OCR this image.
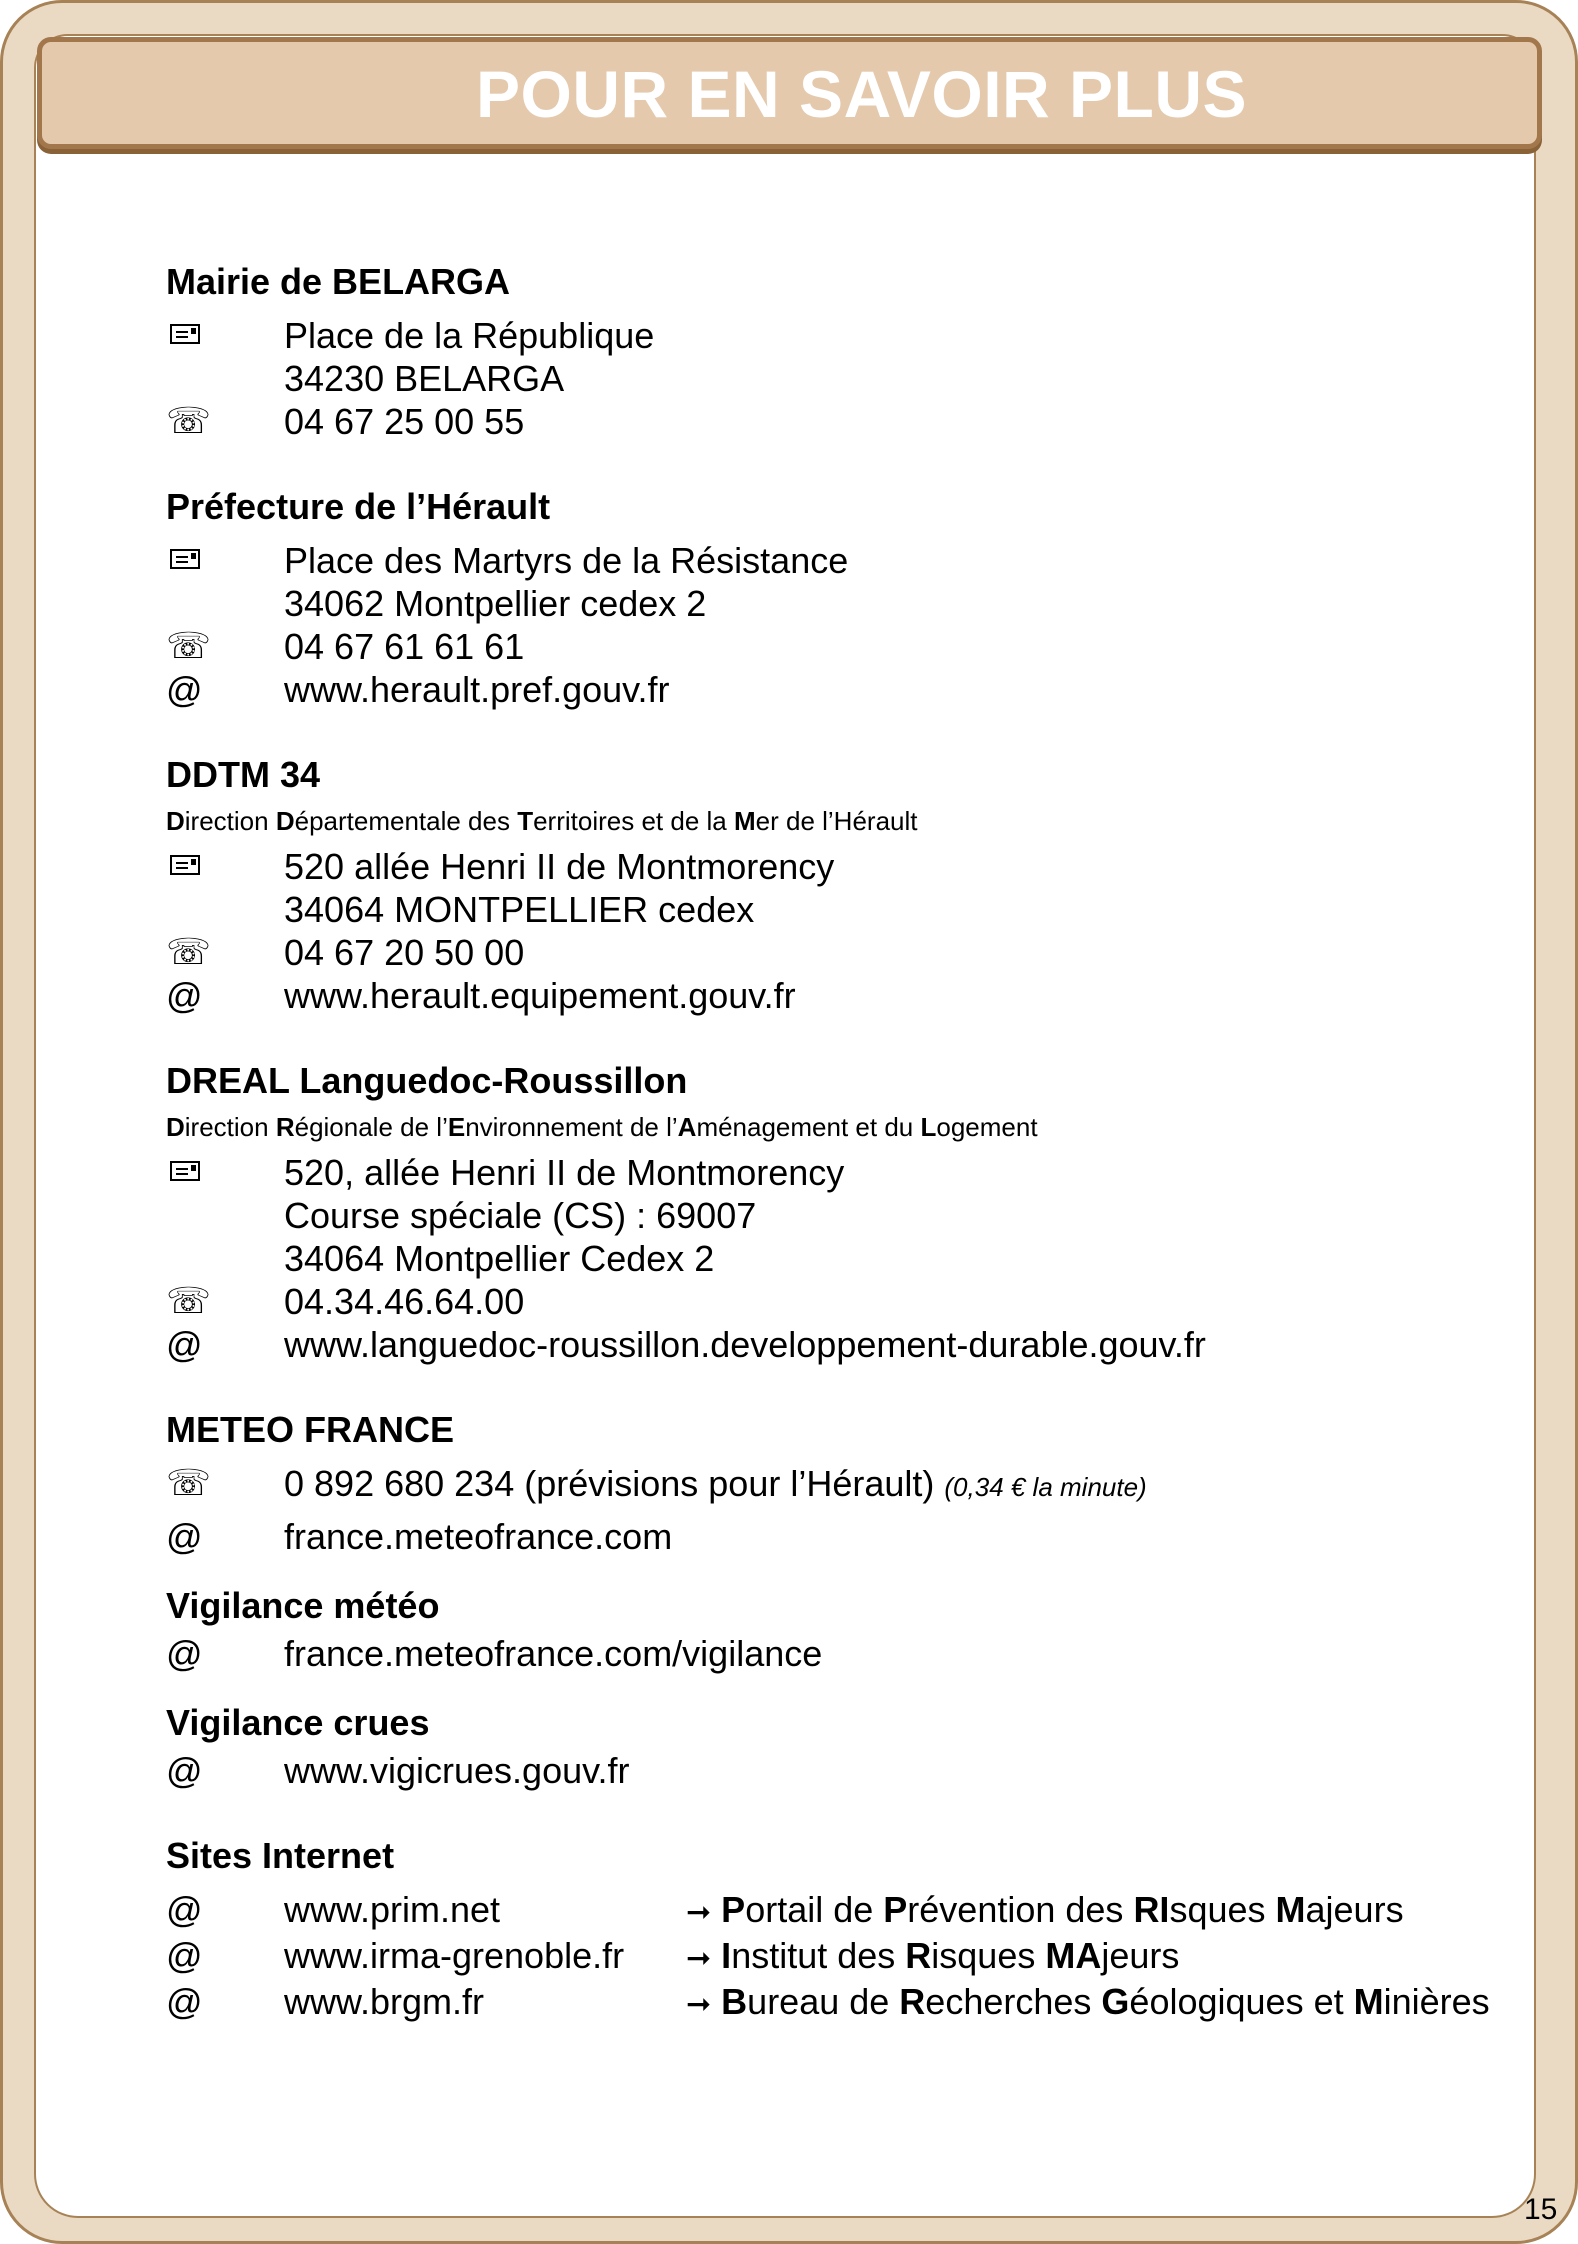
POUR EN SAVOIR PLUS

Mairie de BELARGA

Place de la République
34230 BELARGA
☏	04 67 25 00 55

Préfecture de l’Hérault

Place des Martyrs de la Résistance
34062 Montpellier cedex 2
☏	04 67 61 61 61
@	www.herault.pref.gouv.fr

DDTM 34

Direction Départementale des Territoires et de la Mer de l’Hérault

520 allée Henri II de Montmorency
34064 MONTPELLIER cedex
☏	04 67 20 50 00
@	www.herault.equipement.gouv.fr

DREAL Languedoc-Roussillon

Direction Régionale de l’Environnement de l’Aménagement et du Logement

520, allée Henri II de Montmorency
Course spéciale (CS) : 69007
34064 Montpellier Cedex 2
☏	04.34.46.64.00
@	www.languedoc-roussillon.developpement-durable.gouv.fr

METEO FRANCE

☏	0 892 680 234 (prévisions pour l’Hérault) (0,34 € la minute)
@	france.meteofrance.com

Vigilance météo

@	france.meteofrance.com/vigilance

Vigilance crues

@	www.vigicrues.gouv.fr

Sites Internet

@	www.prim.net	➞ Portail de Prévention des RIsques Majeurs
@	www.irma-grenoble.fr ➞ Institut des Risques MAjeurs
@	www.brgm.fr	➞ Bureau de Recherches Géologiques et Minières

15
